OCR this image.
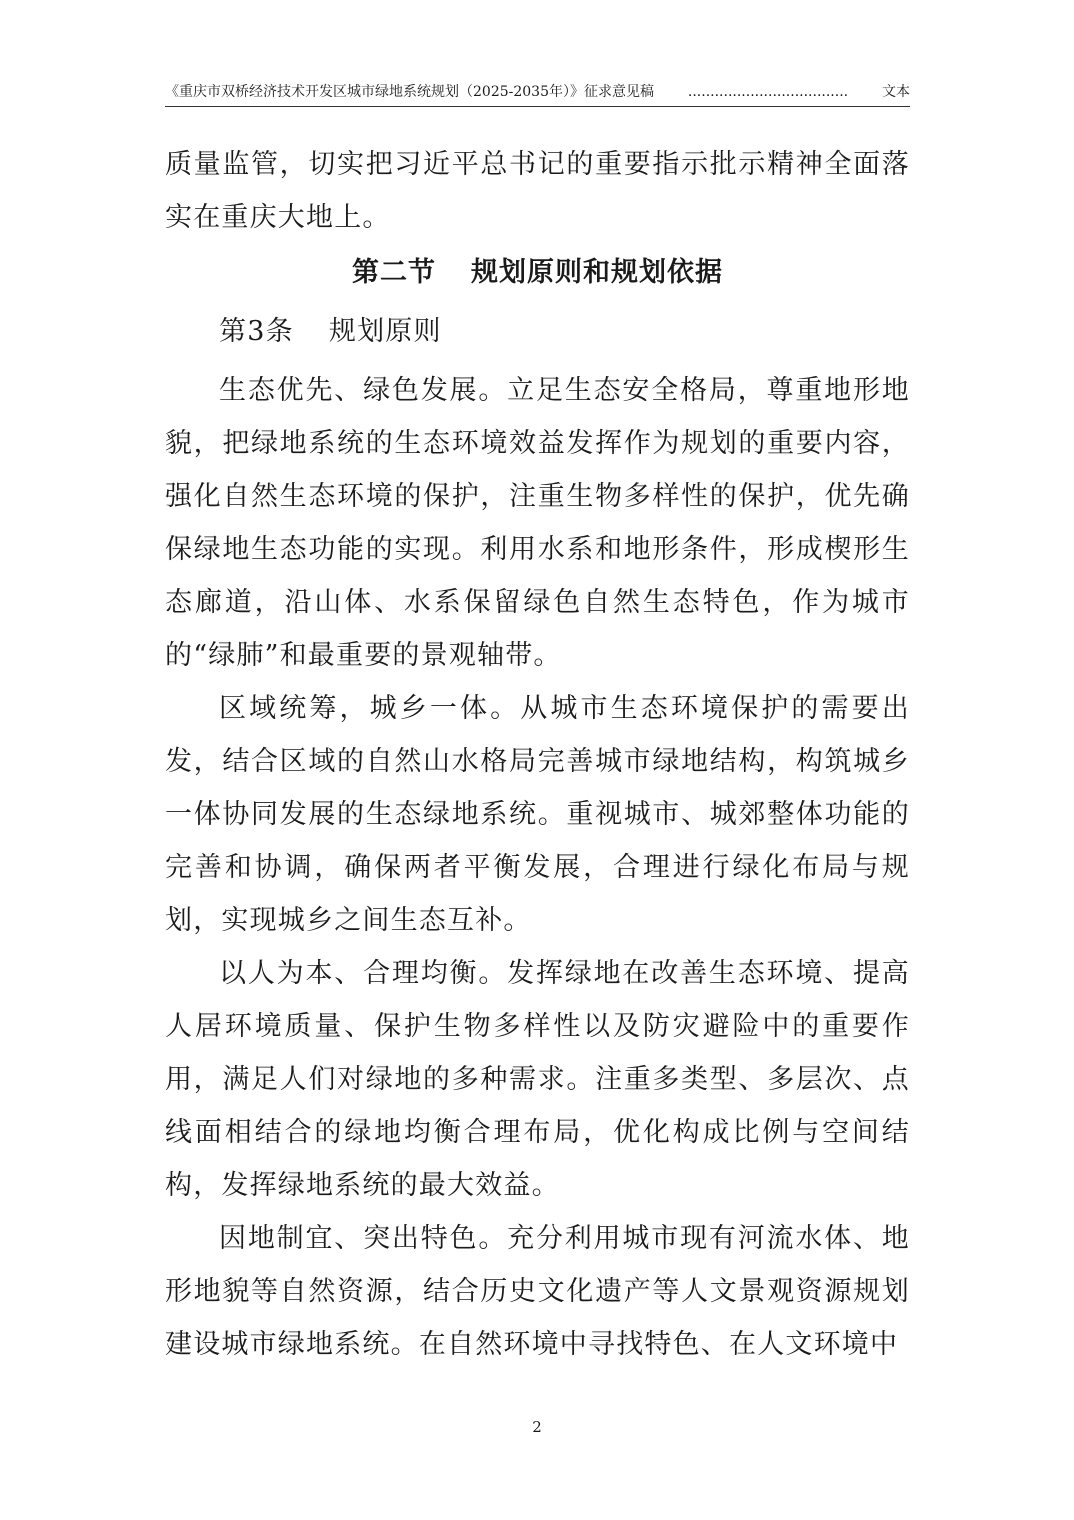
《重庆市双桥经济技术开发区城市绿地系统规划（2025-2035年）》征求意见稿 .................................... 文本

质量监管，切实把习近平总书记的重要指示批示精神全面落实在重庆大地上。

第二节 规划原则和规划依据

第3条 规划原则

生态优先、绿色发展。立足生态安全格局，尊重地形地貌，把绿地系统的生态环境效益发挥作为规划的重要内容，强化自然生态环境的保护，注重生物多样性的保护，优先确保绿地生态功能的实现。利用水系和地形条件，形成楔形生态廊道，沿山体、水系保留绿色自然生态特色，作为城市的“绿肺”和最重要的景观轴带。

区域统筹，城乡一体。从城市生态环境保护的需要出发，结合区域的自然山水格局完善城市绿地结构，构筑城乡一体协同发展的生态绿地系统。重视城市、城郊整体功能的完善和协调，确保两者平衡发展，合理进行绿化布局与规划，实现城乡之间生态互补。

以人为本、合理均衡。发挥绿地在改善生态环境、提高人居环境质量、保护生物多样性以及防灾避险中的重要作用，满足人们对绿地的多种需求。注重多类型、多层次、点线面相结合的绿地均衡合理布局，优化构成比例与空间结构，发挥绿地系统的最大效益。

因地制宜、突出特色。充分利用城市现有河流水体、地形地貌等自然资源，结合历史文化遗产等人文景观资源规划建设城市绿地系统。在自然环境中寻找特色、在人文环境中

2
